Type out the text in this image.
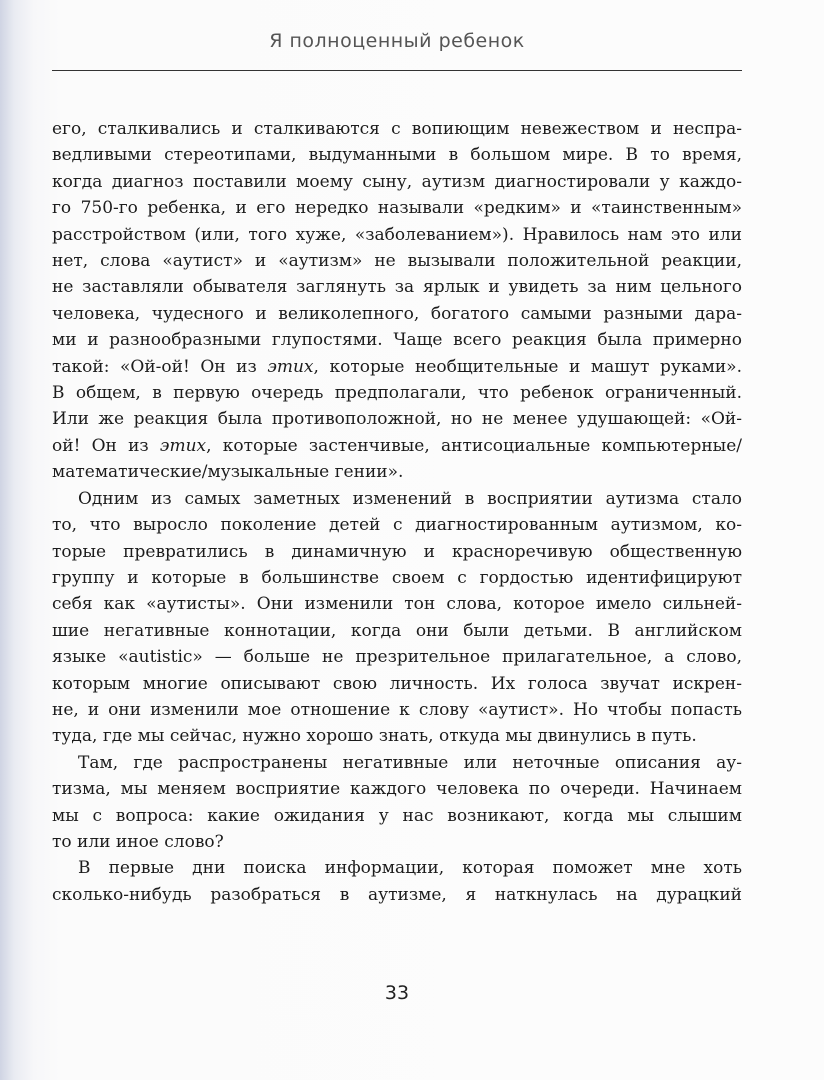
Я полноценный ребенок
его, сталкивались и сталкиваются с вопиющим невежеством и неспра-
ведливыми стереотипами, выдуманными в большом мире. В то время,
когда диагноз поставили моему сыну, аутизм диагностировали у каждо-
го 750-го ребенка, и его нередко называли «редким» и «таинственным»
расстройством (или, того хуже, «заболеванием»). Нравилось нам это или
нет, слова «аутист» и «аутизм» не вызывали положительной реакции,
не заставляли обывателя заглянуть за ярлык и увидеть за ним цельного
человека, чудесного и великолепного, богатого самыми разными дара-
ми и разнообразными глупостями. Чаще всего реакция была примерно
такой: «Ой-ой! Он из этих, которые необщительные и машут руками».
В общем, в первую очередь предполагали, что ребенок ограниченный.
Или же реакция была противоположной, но не менее удушающей: «Ой-
ой! Он из этих, которые застенчивые, антисоциальные компьютерные/
математические/музыкальные гении».
Одним из самых заметных изменений в восприятии аутизма стало
то, что выросло поколение детей с диагностированным аутизмом, ко-
торые превратились в динамичную и красноречивую общественную
группу и которые в большинстве своем с гордостью идентифицируют
себя как «аутисты». Они изменили тон слова, которое имело сильней-
шие негативные коннотации, когда они были детьми. В английском
языке «autistic» — больше не презрительное прилагательное, а слово,
которым многие описывают свою личность. Их голоса звучат искрен-
не, и они изменили мое отношение к слову «аутист». Но чтобы попасть
туда, где мы сейчас, нужно хорошо знать, откуда мы двинулись в путь.
Там, где распространены негативные или неточные описания ау-
тизма, мы меняем восприятие каждого человека по очереди. Начинаем
мы с вопроса: какие ожидания у нас возникают, когда мы слышим
то или иное слово?
В первые дни поиска информации, которая поможет мне хоть
сколько-нибудь разобраться в аутизме, я наткнулась на дурацкий
33
